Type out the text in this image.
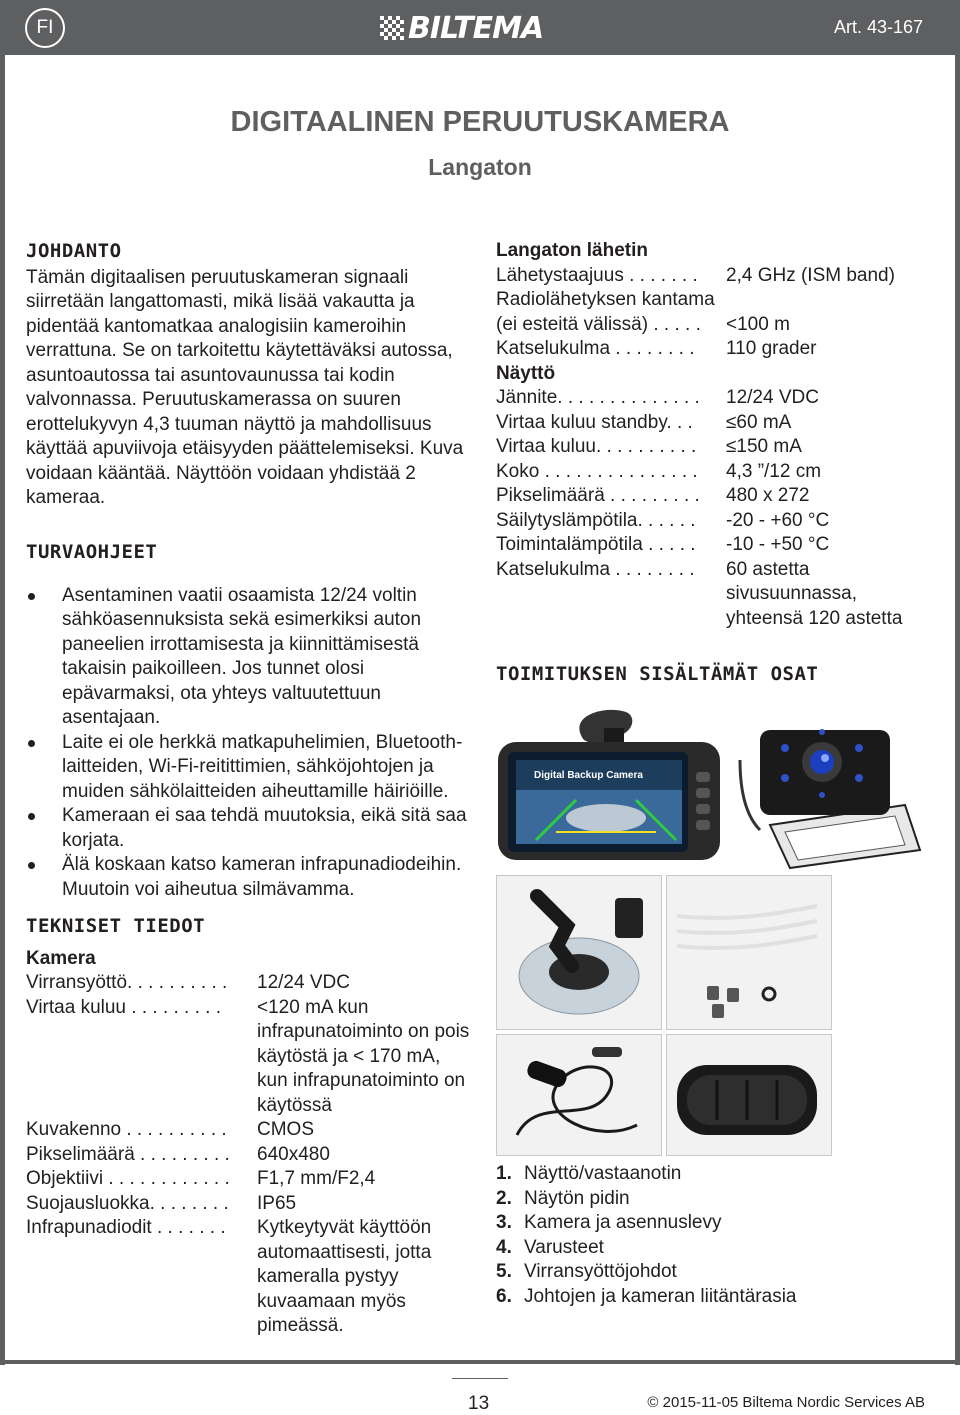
FI	BILTEMA	Art. 43-167
DIGITAALINEN PERUUTUSKAMERA
Langaton
JOHDANTO

Tämän digitaalisen peruutuskameran signaali siirretään langattomasti, mikä lisää vakautta ja pidentää kantomatkaa analogisiin kameroihin verrattuna. Se on tarkoitettu käytettäväksi autossa, asuntoautossa tai asuntovaunussa tai kodin valvonnassa. Peruutuskamerassa on suuren erottelukyvyn 4,3 tuuman näyttö ja mahdollisuus käyttää apuviivoja etäisyyden päättelemiseksi. Kuva voidaan kääntää. Näyttöön voidaan yhdistää 2 kameraa.

TURVAOHJEET
Asentaminen vaatii osaamista 12/24 voltin sähköasennuksista sekä esimerkiksi auton paneelien irrottamisesta ja kiinnittämisestä takaisin paikoilleen. Jos tunnet olosi epävarmaksi, ota yhteys valtuutettuun asentajaan.
Laite ei ole herkkä matkapuhelimien, Bluetooth-laitteiden, Wi-Fi-reitittimien, sähköjohtojen ja muiden sähkölaitteiden aiheuttamille häiriöille.
Kameraan ei saa tehdä muutoksia, eikä sitä saa korjata.
Älä koskaan katso kameran infrapunadiodeihin. Muutoin voi aiheutua silmävamma.
TEKNISET TIEDOT
Kamera
Virransyöttö. . . . . . . . . .	12/24 VDC
Virtaa kuluu . . . . . . . . .	<120 mA kun infrapunatoiminto on pois käytöstä ja < 170 mA, kun infrapunatoiminto on käytössä
Kuvakenno . . . . . . . . . .	CMOS
Pikselimäärä . . . . . . . . .	640x480
Objektiivi . . . . . . . . . . . .	F1,7 mm/F2,4
Suojausluokka. . . . . . . .	IP65
Infrapunadiodit . . . . . . .	Kytkeytyvät käyttöön automaattisesti, jotta kameralla pystyy kuvaamaan myös pimeässä.
Langaton lähetin
Lähetystaajuus . . . . . . .	2,4 GHz (ISM band)
Radiolähetyksen kantama
(ei esteitä välissä) . . . . .	<100 m
Katselukulma . . . . . . . .	110 grader
Näyttö
Jännite. . . . . . . . . . . . . .	12/24 VDC
Virtaa kuluu standby. . .	≤60 mA
Virtaa kuluu. . . . . . . . . .	≤150 mA
Koko . . . . . . . . . . . . . . .	4,3 ”/12 cm
Pikselimäärä . . . . . . . . .	480 x 272
Säilytyslämpötila. . . . . .	-20 - +60 °C
Toimintalämpötila . . . . .	-10 - +50 °C
Katselukulma . . . . . . . .	60 astetta sivusuunnassa, yhteensä 120 astetta
TOIMITUKSEN SISÄLTÄMÄT OSAT
Digital Backup Camera
1. Näyttö/vastaanotin
2. Näytön pidin
3. Kamera ja asennuslevy
4. Varusteet
5. Virransyöttöjohdot
6. Johtojen ja kameran liitäntärasia
13	© 2015-11-05 Biltema Nordic Services AB
